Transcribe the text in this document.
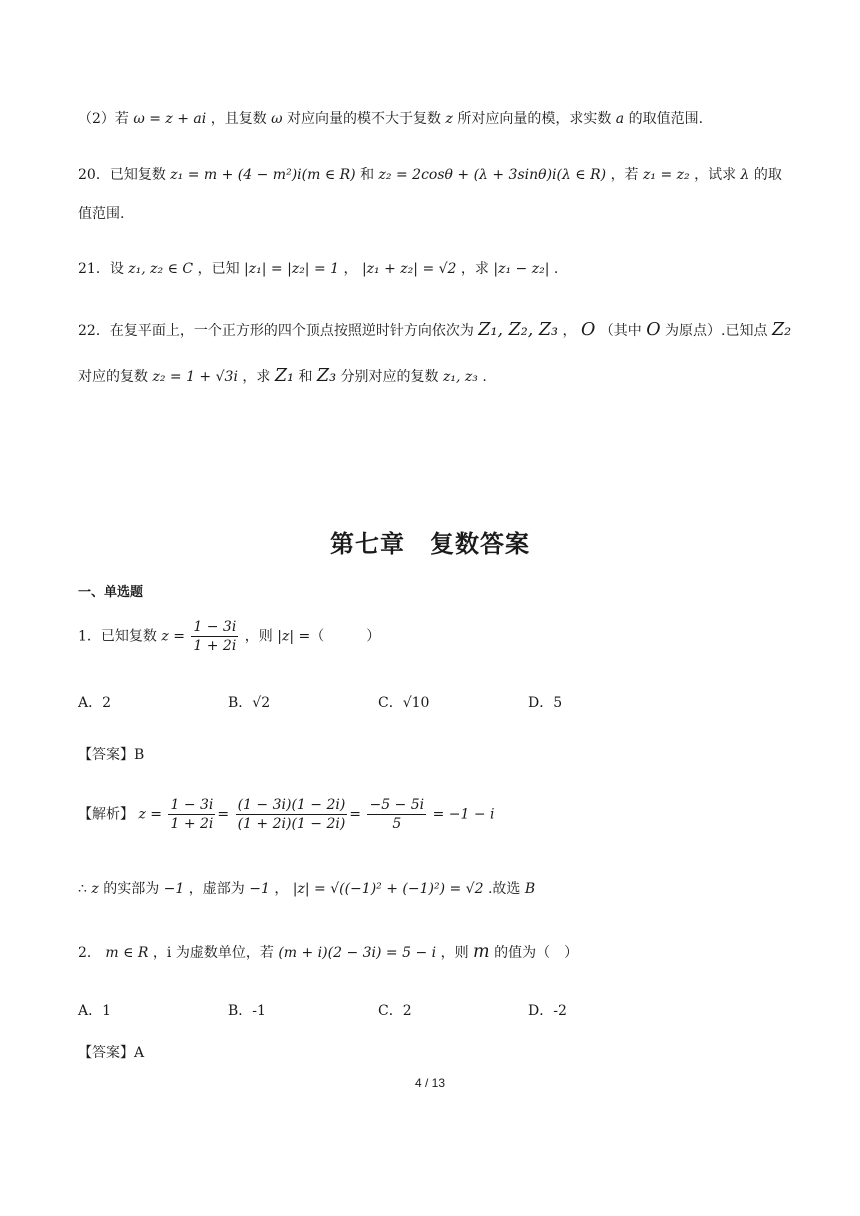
（2）若 ω = z + ai ，且复数 ω 对应向量的模不大于复数 z 所对应向量的模，求实数 a 的取值范围.
20．已知复数 z₁ = m + (4 − m²)i(m ∈ R) 和 z₂ = 2cosθ + (λ + 3sinθ)i(λ ∈ R) ，若 z₁ = z₂ ，试求 λ 的取
值范围.
21．设 z₁, z₂ ∈ C ，已知 |z₁| = |z₂| = 1 ， |z₁ + z₂| = √2 ，求 |z₁ − z₂| .
22．在复平面上，一个正方形的四个顶点按照逆时针方向依次为 Z₁, Z₂, Z₃ ， O （其中 O 为原点）.已知点 Z₂
对应的复数 z₂ = 1 + √3i ，求 Z₁ 和 Z₃ 分别对应的复数 z₁, z₃ .
第七章　复数答案
一、单选题
1．已知复数 $z = \frac{1 - 3i}{1 + 2i}$ ，则 |z| =（　　　）
A．2	B．√2	C．√10	D．5
【答案】B
【解析】 $z = \frac{1 - 3i}{1 + 2i} = \frac{(1 - 3i)(1 - 2i)}{(1 + 2i)(1 - 2i)} = \frac{-5 - 5i}{5} = -1 - i$
∴ z 的实部为 −1 ，虚部为 −1 ， |z| = √((−1)² + (−1)²) = √2 .故选 B
2． m ∈ R ，i 为虚数单位，若 (m + i)(2 − 3i) = 5 − i ，则 m 的值为（　）
A．1	B．-1	C．2	D．-2
【答案】A
4 / 13
